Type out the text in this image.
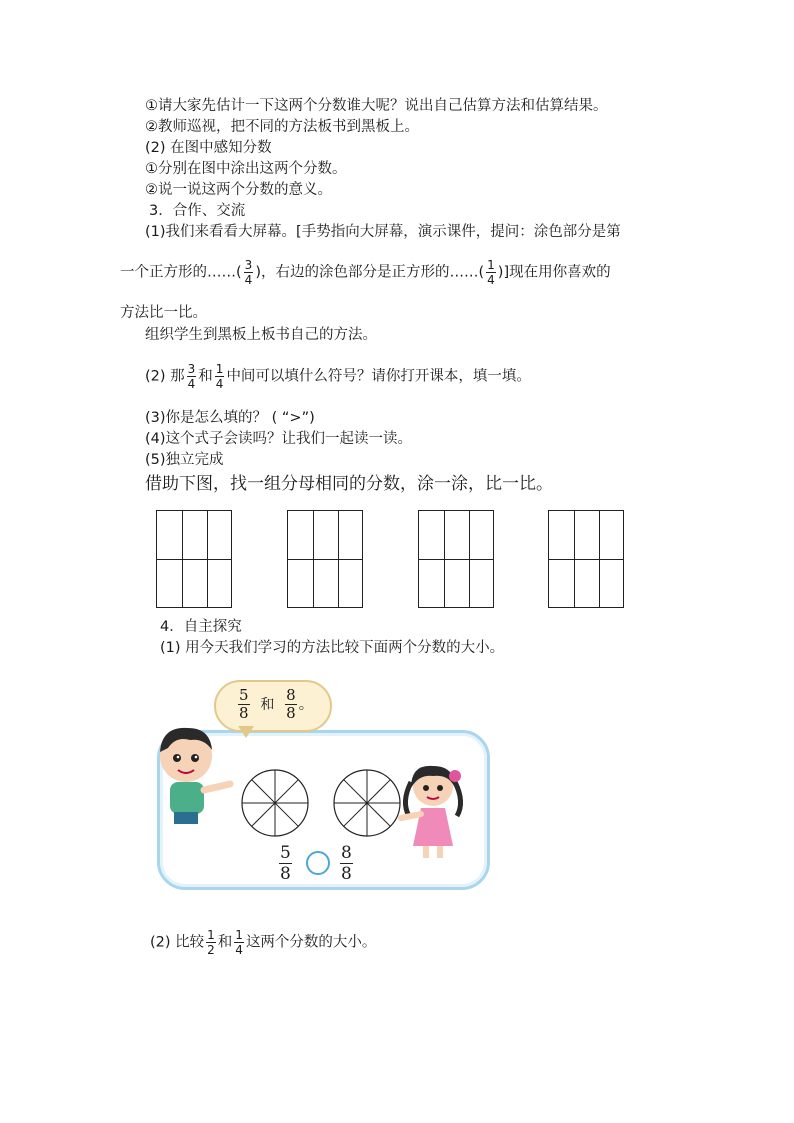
①请大家先估计一下这两个分数谁大呢？说出自己估算方法和估算结果。
②教师巡视，把不同的方法板书到黑板上。
(2) 在图中感知分数
①分别在图中涂出这两个分数。
②说一说这两个分数的意义。
3．合作、交流
(1)我们来看看大屏幕。[手势指向大屏幕，演示课件，提问：涂色部分是第
一个正方形的……( $\frac{3}{4}$ )，右边的涂色部分是正方形的……( $\frac{1}{4}$ )]现在用你喜欢的
方法比一比。
组织学生到黑板上板书自己的方法。
(2) 那 $\frac{3}{4}$ 和 $\frac{1}{4}$ 中间可以填什么符号？请你打开课本，填一填。
(3)你是怎么填的？ ( “>”)
(4)这个式子会读吗？让我们一起读一读。
(5)独立完成
借助下图，找一组分母相同的分数，涂一涂，比一比。
4．自主探究
(1) 用今天我们学习的方法比较下面两个分数的大小。
$\frac{5}{8}$ 和 $\frac{8}{8}$ 。
$\frac{5}{8}$	$\frac{8}{8}$
(2) 比较 $\frac{1}{2}$ 和 $\frac{1}{4}$ 这两个分数的大小。
